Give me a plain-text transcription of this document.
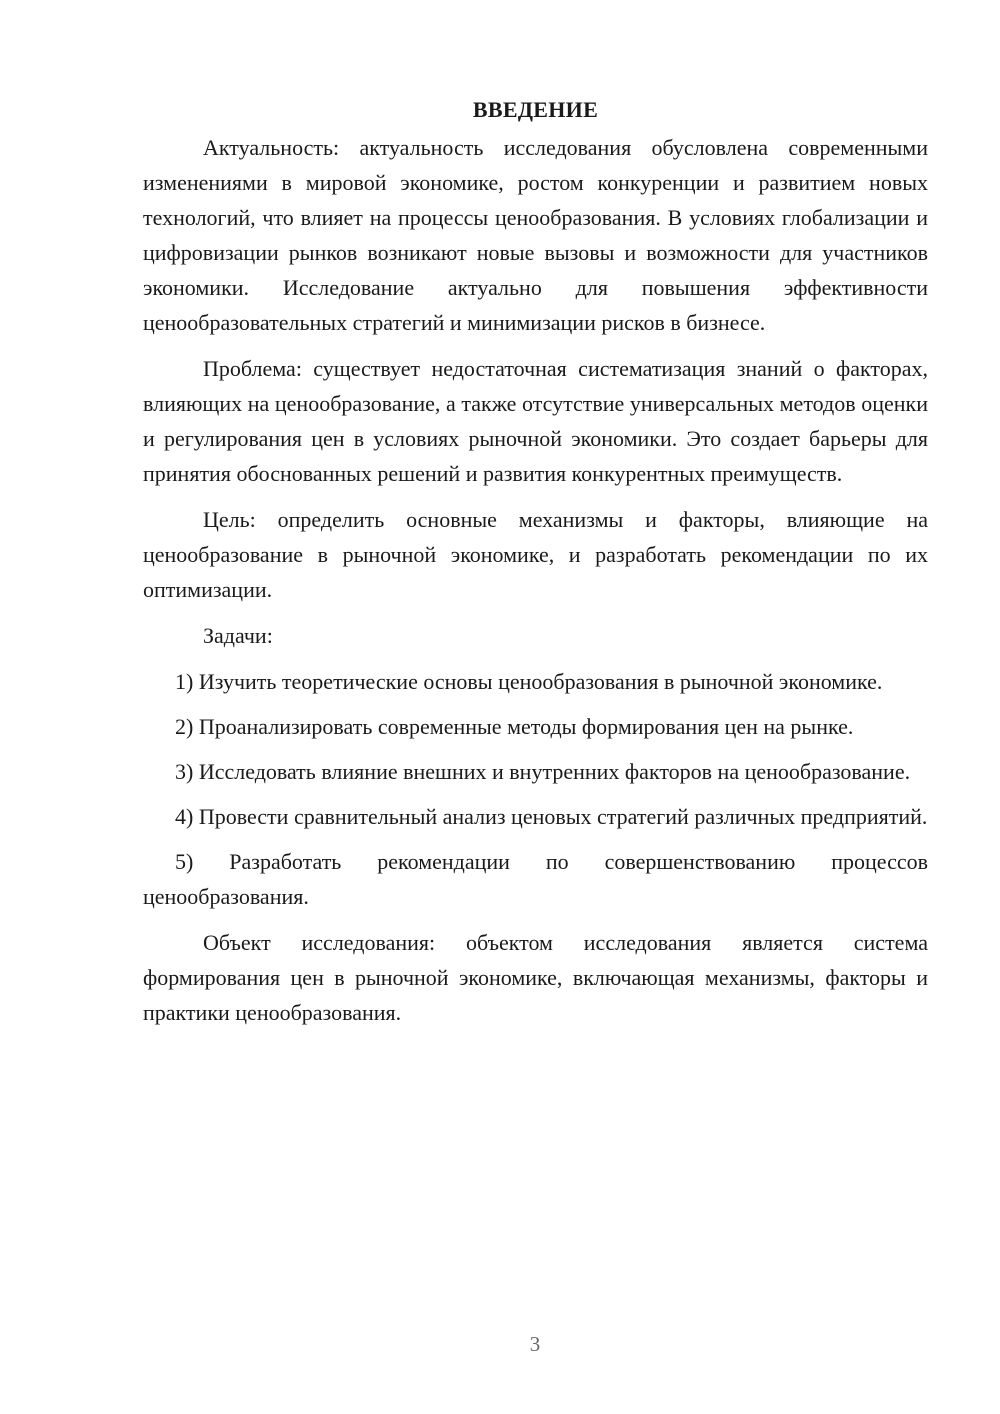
ВВЕДЕНИЕ

Актуальность: актуальность исследования обусловлена современными изменениями в мировой экономике, ростом конкуренции и развитием новых технологий, что влияет на процессы ценообразования. В условиях глобализации и цифровизации рынков возникают новые вызовы и возможности для участников экономики. Исследование актуально для повышения эффективности ценообразовательных стратегий и минимизации рисков в бизнесе.

Проблема: существует недостаточная систематизация знаний о факторах, влияющих на ценообразование, а также отсутствие универсальных методов оценки и регулирования цен в условиях рыночной экономики. Это создает барьеры для принятия обоснованных решений и развития конкурентных преимуществ.

Цель: определить основные механизмы и факторы, влияющие на ценообразование в рыночной экономике, и разработать рекомендации по их оптимизации.

Задачи:

1) Изучить теоретические основы ценообразования в рыночной экономике.

2) Проанализировать современные методы формирования цен на рынке.

3) Исследовать влияние внешних и внутренних факторов на ценообразование.

4) Провести сравнительный анализ ценовых стратегий различных предприятий.

5) Разработать рекомендации по совершенствованию процессов ценообразования.

Объект исследования: объектом исследования является система формирования цен в рыночной экономике, включающая механизмы, факторы и практики ценообразования.

3
